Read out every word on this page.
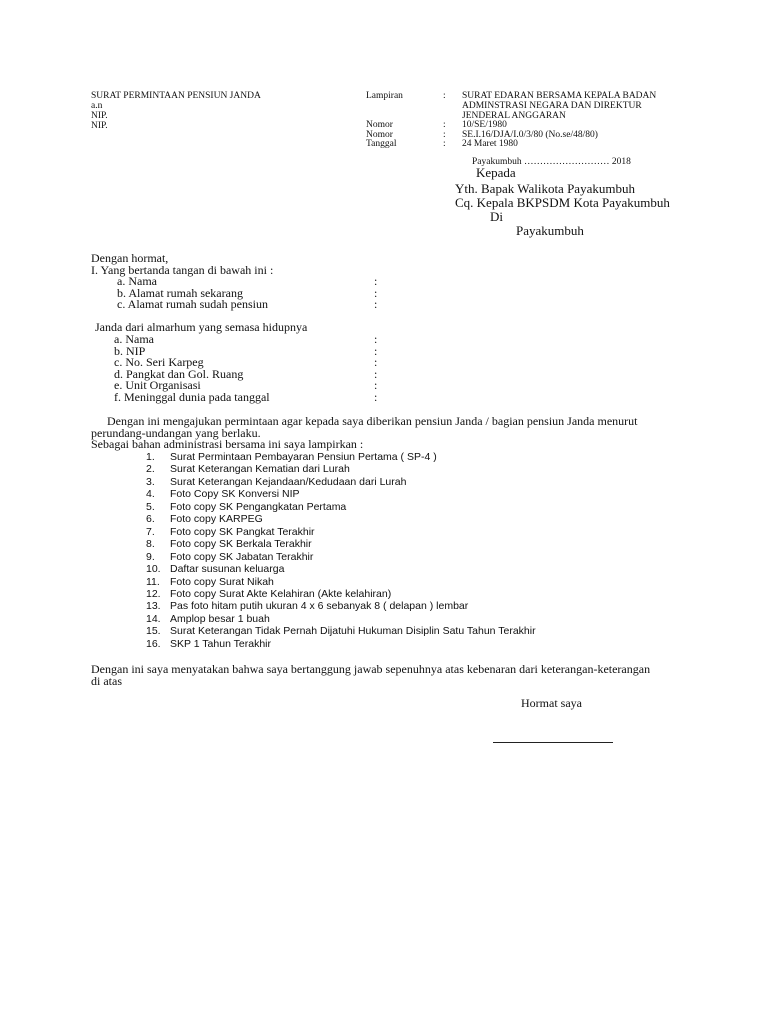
SURAT PERMINTAAN PENSIUN JANDA
a.n
NIP.
NIP.
Lampiran	: SURAT EDARAN BERSAMA KEPALA BADAN
ADMINSTRASI NEGARA DAN DIREKTUR
JENDERAL ANGGARAN
Nomor	: 10/SE/1980
Nomor	: SE.I.16/DJA/I.0/3/80 (No.se/48/80)
Tanggal	: 24 Maret 1980
Payakumbuh ……………………… 2018
Kepada
Yth. Bapak Walikota Payakumbuh
Cq. Kepala BKPSDM Kota Payakumbuh
Di
Payakumbuh
Dengan hormat,
I. Yang bertanda tangan di bawah ini :
a. Nama	:
b. Alamat rumah sekarang	:
c. Alamat rumah sudah pensiun	:
Janda dari almarhum yang semasa hidupnya
a. Nama	:
b. NIP	:
c. No. Seri Karpeg	:
d. Pangkat dan Gol. Ruang	:
e. Unit Organisasi	:
f. Meninggal dunia pada tanggal	:
Dengan ini mengajukan permintaan agar kepada saya diberikan pensiun Janda / bagian pensiun Janda menurut
perundang-undangan yang berlaku.
Sebagai bahan administrasi bersama ini saya lampirkan :
1. Surat Permintaan Pembayaran Pensiun Pertama ( SP-4 )
2. Surat Keterangan Kematian dari Lurah
3. Surat Keterangan Kejandaan/Kedudaan dari Lurah
4. Foto Copy SK Konversi NIP
5. Foto copy SK Pengangkatan Pertama
6. Foto copy KARPEG
7. Foto copy SK Pangkat Terakhir
8. Foto copy SK Berkala Terakhir
9. Foto copy SK Jabatan Terakhir
10. Daftar susunan keluarga
11. Foto copy Surat Nikah
12. Foto copy Surat Akte Kelahiran (Akte kelahiran)
13. Pas foto hitam putih ukuran 4 x 6 sebanyak 8 ( delapan ) lembar
14. Amplop besar 1 buah
15. Surat Keterangan Tidak Pernah Dijatuhi Hukuman Disiplin Satu Tahun Terakhir
16. SKP 1 Tahun Terakhir
Dengan ini saya menyatakan bahwa saya bertanggung jawab sepenuhnya atas kebenaran dari keterangan-keterangan
di atas
Hormat saya
